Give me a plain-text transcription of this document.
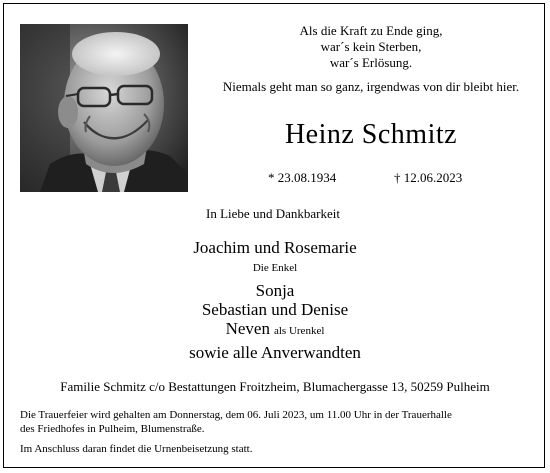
Als die Kraft zu Ende ging,
war´s kein Sterben,
war´s Erlösung.
Niemals geht man so ganz, irgendwas von dir bleibt hier.
Heinz Schmitz
* 23.08.1934	† 12.06.2023
In Liebe und Dankbarkeit
Joachim und Rosemarie
Die Enkel
Sonja
Sebastian und Denise
Neven als Urenkel
sowie alle Anverwandten
Familie Schmitz c/o Bestattungen Froitzheim, Blumachergasse 13, 50259 Pulheim
Die Trauerfeier wird gehalten am Donnerstag, dem 06. Juli 2023, um 11.00 Uhr in der Trauerhalle
des Friedhofes in Pulheim, Blumenstraße.
Im Anschluss daran findet die Urnenbeisetzung statt.
